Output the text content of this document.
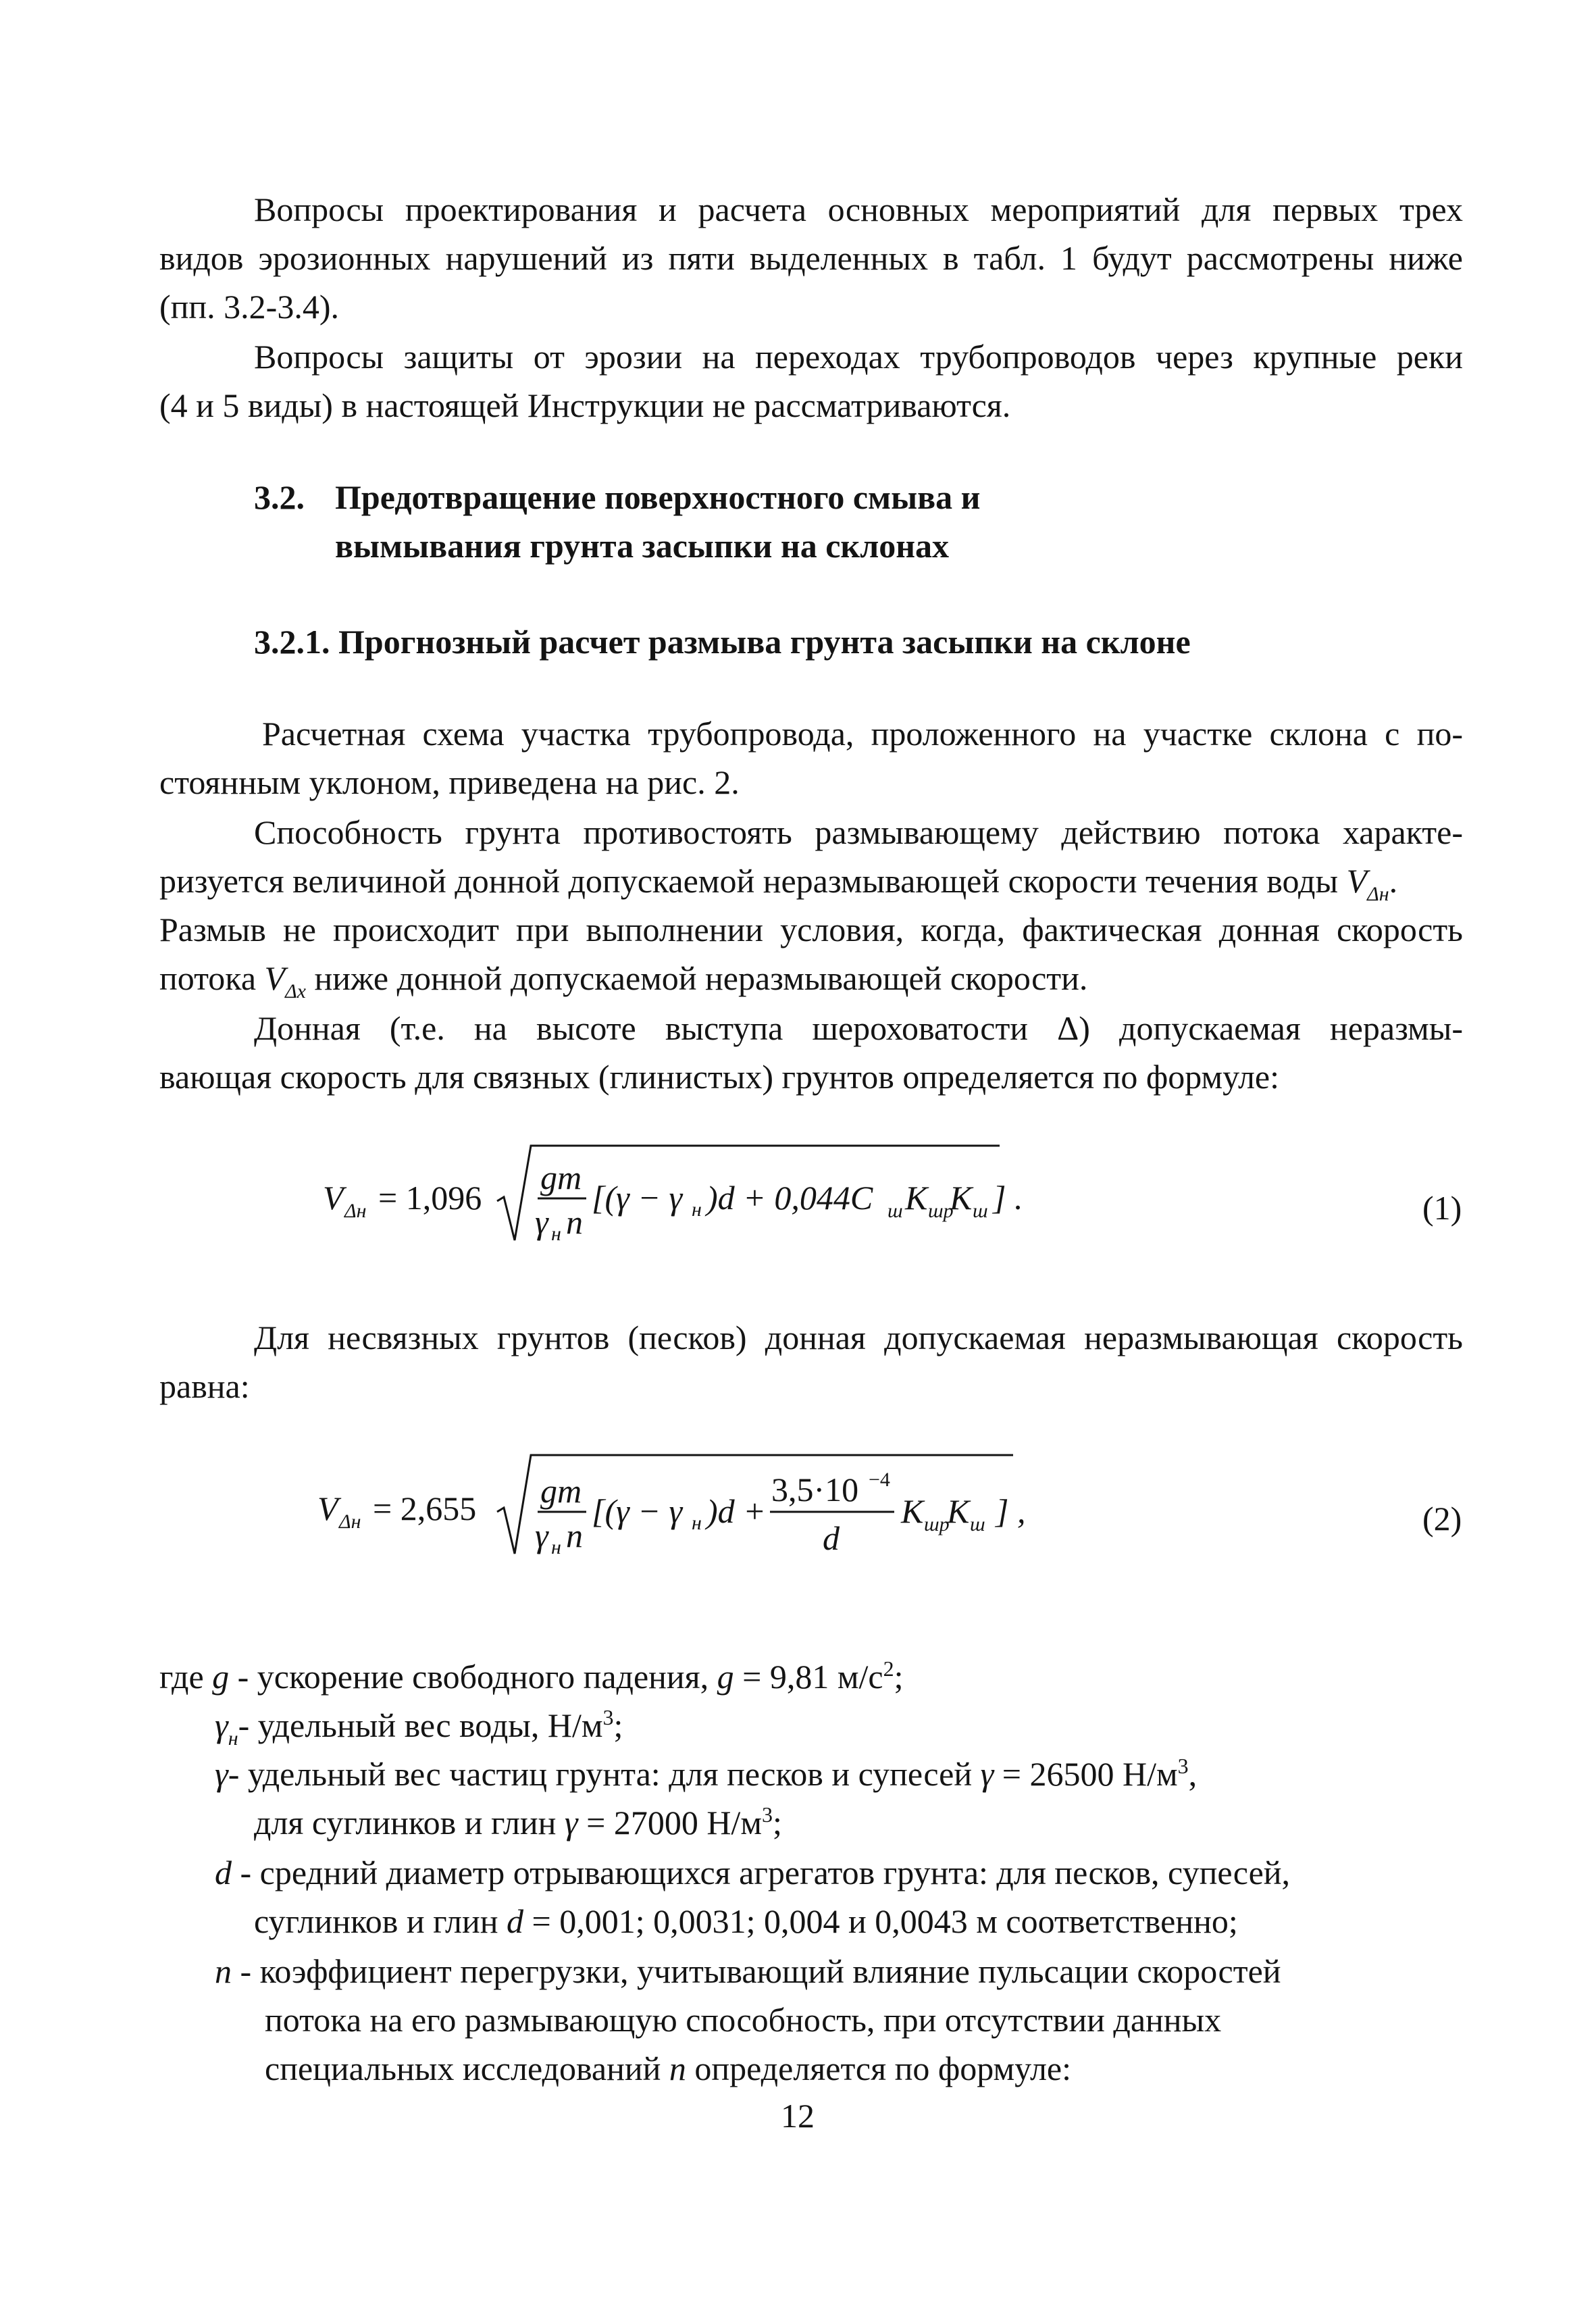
Вопросы проектирования и расчета основных мероприятий для первых трех

видов эрозионных нарушений из пяти выделенных в табл. 1 будут рассмотрены ниже

(пп. 3.2-3.4).

Вопросы защиты от эрозии на переходах трубопроводов через крупные реки

(4 и 5 виды) в настоящей Инструкции не рассматриваются.

3.2. Предотвращение поверхностного смыва и

вымывания грунта засыпки на склонах

3.2.1. Прогнозный расчет размыва грунта засыпки на склоне

Расчетная схема участка трубопровода, проложенного на участке склона с по-

стоянным уклоном, приведена на рис. 2.

Способность грунта противостоять размывающему действию потока характе-

ризуется величиной донной допускаемой неразмывающей скорости течения воды $V_{\Delta н}$.

Размыв не происходит при выполнении условия, когда, фактическая донная скорость

потока $V_{\Delta х}$ ниже донной допускаемой неразмывающей скорости.

Донная (т.е. на высоте выступа шероховатости Δ) допускаемая неразмы-

вающая скорость для связных (глинистых) грунтов определяется по формуле:

V Δн = 1,096
gm
γ н n
[(γ − γ н )d + 0,044C ш K шр
K ш ] .	(1)

Для несвязных грунтов (песков) донная допускаемая неразмывающая скорость

равна:

V Δн = 2,655 gm
γ н n
[(γ − γ н )d +
3,5·10 −4
d
K шр
K ш ] ,	(2)

где g - ускорение свободного падения, g = 9,81 $м/с^2$;

$\gamma_н-$ удельный вес воды, $Н/м^3$;

γ- удельный вес частиц грунта: для песков и супесей γ = 26500 $Н/м^3$,

для суглинков и глин γ = 27000 $Н/м^3$;

d - средний диаметр отрывающихся агрегатов грунта: для песков, супесей,

суглинков и глин d = 0,001; 0,0031; 0,004 и 0,0043 м соответственно;

n - коэффициент перегрузки, учитывающий влияние пульсации скоростей

потока на его размывающую способность, при отсутствии данных

специальных исследований n определяется по формуле:

12
